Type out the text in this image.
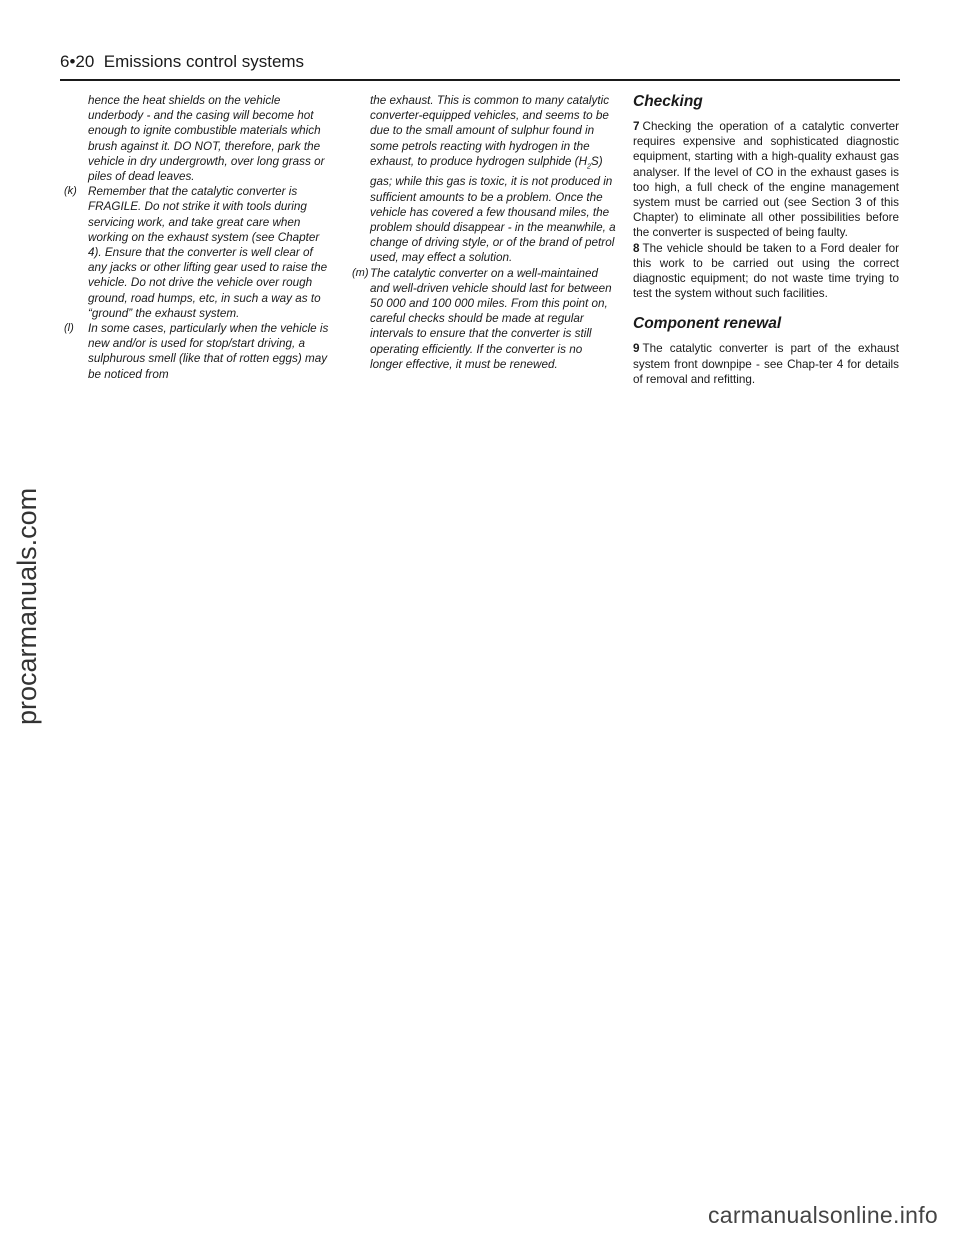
6•20 Emissions control systems
hence the heat shields on the vehicle underbody - and the casing will become hot enough to ignite combustible materials which brush against it. DO NOT, therefore, park the vehicle in dry undergrowth, over long grass or piles of dead leaves.
(k) Remember that the catalytic converter is FRAGILE. Do not strike it with tools during servicing work, and take great care when working on the exhaust system (see Chapter 4). Ensure that the converter is well clear of any jacks or other lifting gear used to raise the vehicle. Do not drive the vehicle over rough ground, road humps, etc, in such a way as to “ground” the exhaust system.
(l)	In some cases, particularly when the vehicle is new and/or is used for stop/start driving, a sulphurous smell (like that of rotten eggs) may be noticed from
the exhaust. This is common to many catalytic converter-equipped vehicles, and seems to be due to the small amount of sulphur found in some petrols reacting with hydrogen in the exhaust, to produce hydrogen sulphide $(H_2S)$ gas; while this gas is toxic, it is not produced in sufficient amounts to be a problem. Once the vehicle has covered a few thousand miles, the problem should disappear - in the meanwhile, a change of driving style, or of the brand of petrol used, may effect a solution.
(m) The catalytic converter on a well-maintained and well-driven vehicle should last for between 50 000 and 100 000 miles. From this point on, careful checks should be made at regular intervals to ensure that the converter is still operating efficiently. If the converter is no longer effective, it must be renewed.
Checking
7 Checking the operation of a catalytic converter requires expensive and sophisticated diagnostic equipment, starting with a high-quality exhaust gas analyser. If the level of CO in the exhaust gases is too high, a full check of the engine management system must be carried out (see Section 3 of this Chapter) to eliminate all other possibilities before the converter is suspected of being faulty.
8 The vehicle should be taken to a Ford dealer for this work to be carried out using the correct diagnostic equipment; do not waste time trying to test the system without such facilities.
Component renewal
9 The catalytic converter is part of the exhaust system front downpipe - see Chap-ter 4 for details of removal and refitting.
procarmanuals.com
carmanualsonline.info
